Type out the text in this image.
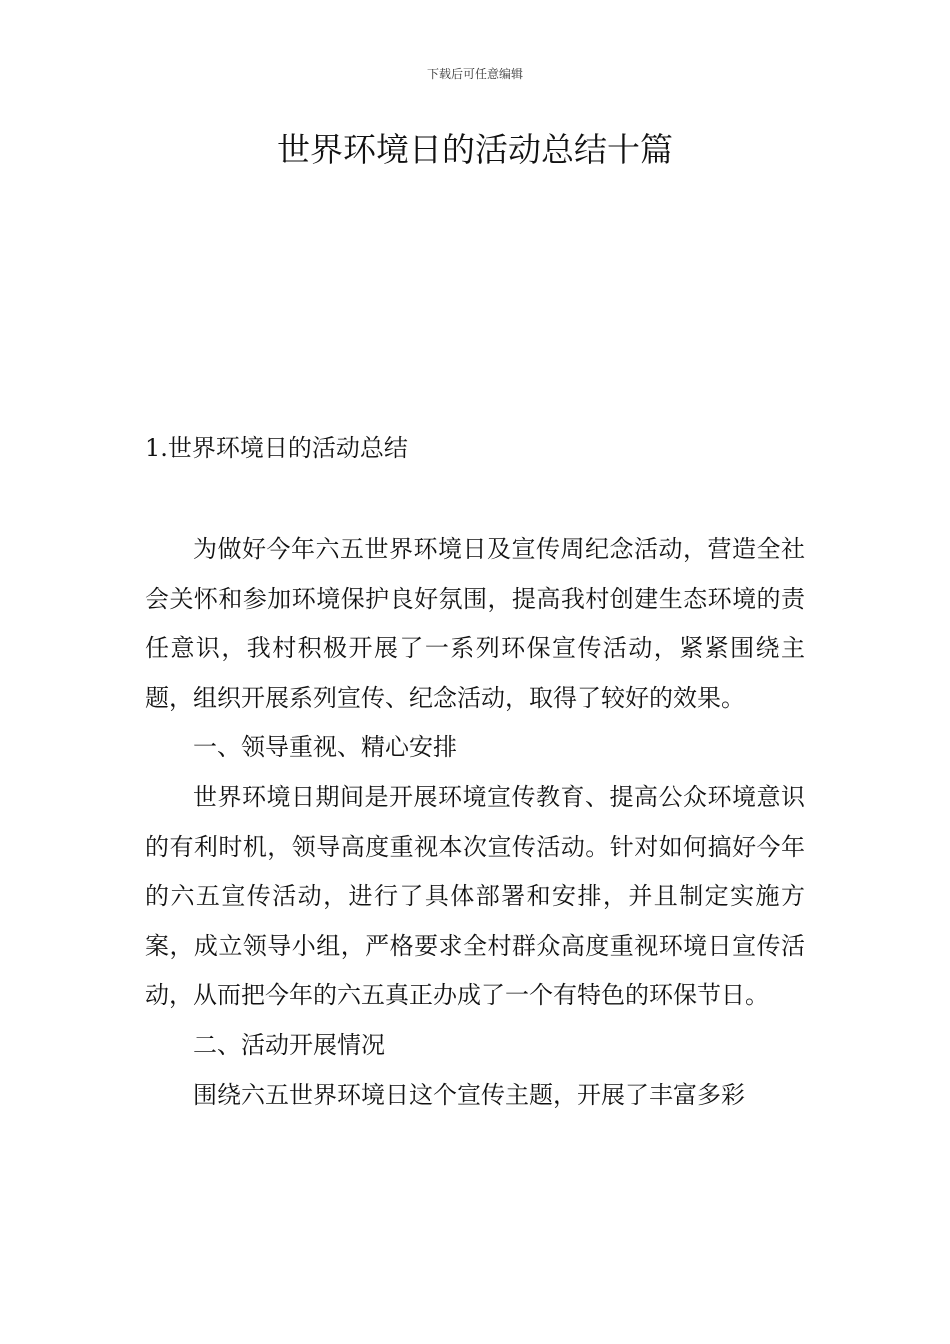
下载后可任意编辑
世界环境日的活动总结十篇
1.世界环境日的活动总结

为做好今年六五世界环境日及宣传周纪念活动，营造全社会关怀和参加环境保护良好氛围，提高我村创建生态环境的责任意识，我村积极开展了一系列环保宣传活动，紧紧围绕主题，组织开展系列宣传、纪念活动，取得了较好的效果。

一、领导重视、精心安排

世界环境日期间是开展环境宣传教育、提高公众环境意识的有利时机，领导高度重视本次宣传活动。针对如何搞好今年的六五宣传活动，进行了具体部署和安排，并且制定实施方案，成立领导小组，严格要求全村群众高度重视环境日宣传活动，从而把今年的六五真正办成了一个有特色的环保节日。

二、活动开展情况

围绕六五世界环境日这个宣传主题，开展了丰富多彩
